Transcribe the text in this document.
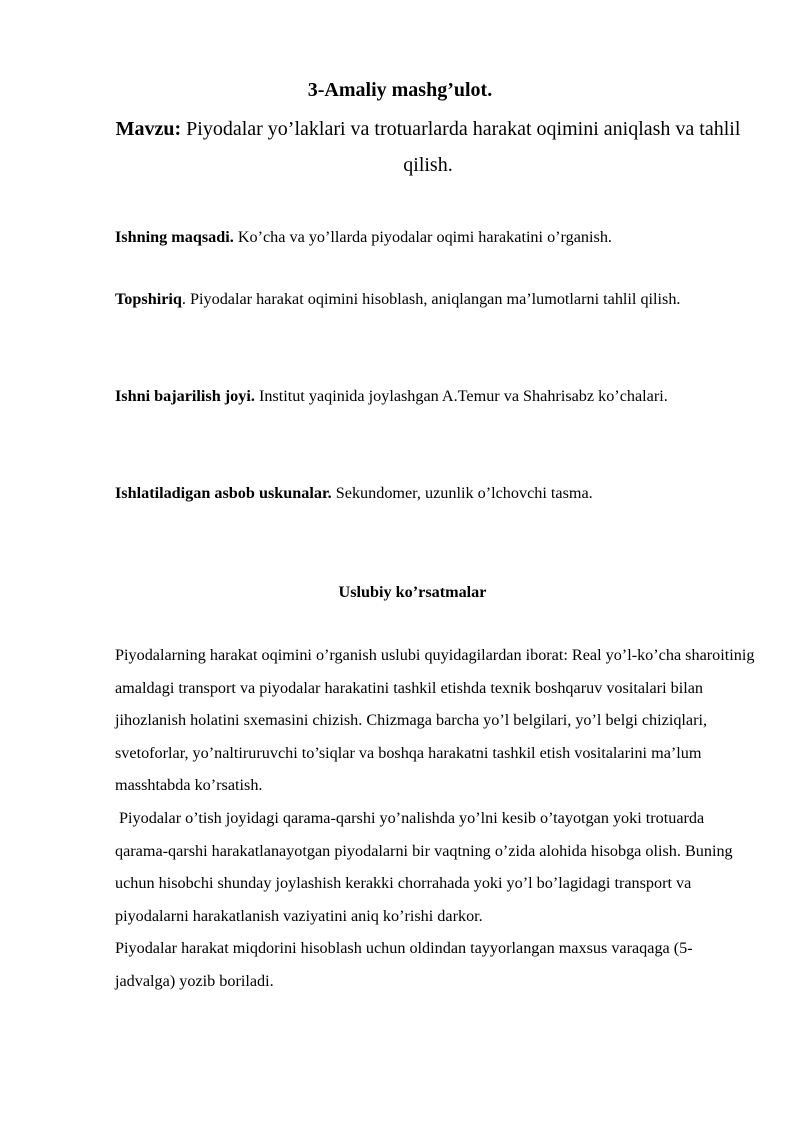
3-Amaliy mashg’ulot.
Mavzu: Piyodalar yo’laklari va trotuarlarda harakat oqimini aniqlash va tahlil qilish.
Ishning maqsadi. Ko’cha va yo’llarda piyodalar oqimi harakatini o’rganish.
Topshiriq. Piyodalar harakat oqimini hisoblash, aniqlangan ma’lumotlarni tahlil qilish.
Ishni bajarilish joyi. Institut yaqinida joylashgan A.Temur va Shahrisabz ko’chalari.
Ishlatiladigan asbob uskunalar. Sekundomer, uzunlik o’lchovchi tasma.
Uslubiy ko’rsatmalar

Piyodalarning harakat oqimini o’rganish uslubi quyidagilardan iborat: Real yo’l-ko’cha sharoitinig amaldagi transport va piyodalar harakatini tashkil etishda texnik boshqaruv vositalari bilan jihozlanish holatini sxemasini chizish. Chizmaga barcha yo’l belgilari, yo’l belgi chiziqlari, svetoforlar, yo’naltiruruvchi to’siqlar va boshqa harakatni tashkil etish vositalarini ma’lum masshtabda ko’rsatish.

Piyodalar o’tish joyidagi qarama-qarshi yo’nalishda yo’lni kesib o’tayotgan yoki trotuarda qarama-qarshi harakatlanayotgan piyodalarni bir vaqtning o’zida alohida hisobga olish. Buning uchun hisobchi shunday joylashish kerakki chorrahada yoki yo’l bo’lagidagi transport va piyodalarni harakatlanish vaziyatini aniq ko’rishi darkor.

Piyodalar harakat miqdorini hisoblash uchun oldindan tayyorlangan maxsus varaqaga (5-jadvalga) yozib boriladi.
